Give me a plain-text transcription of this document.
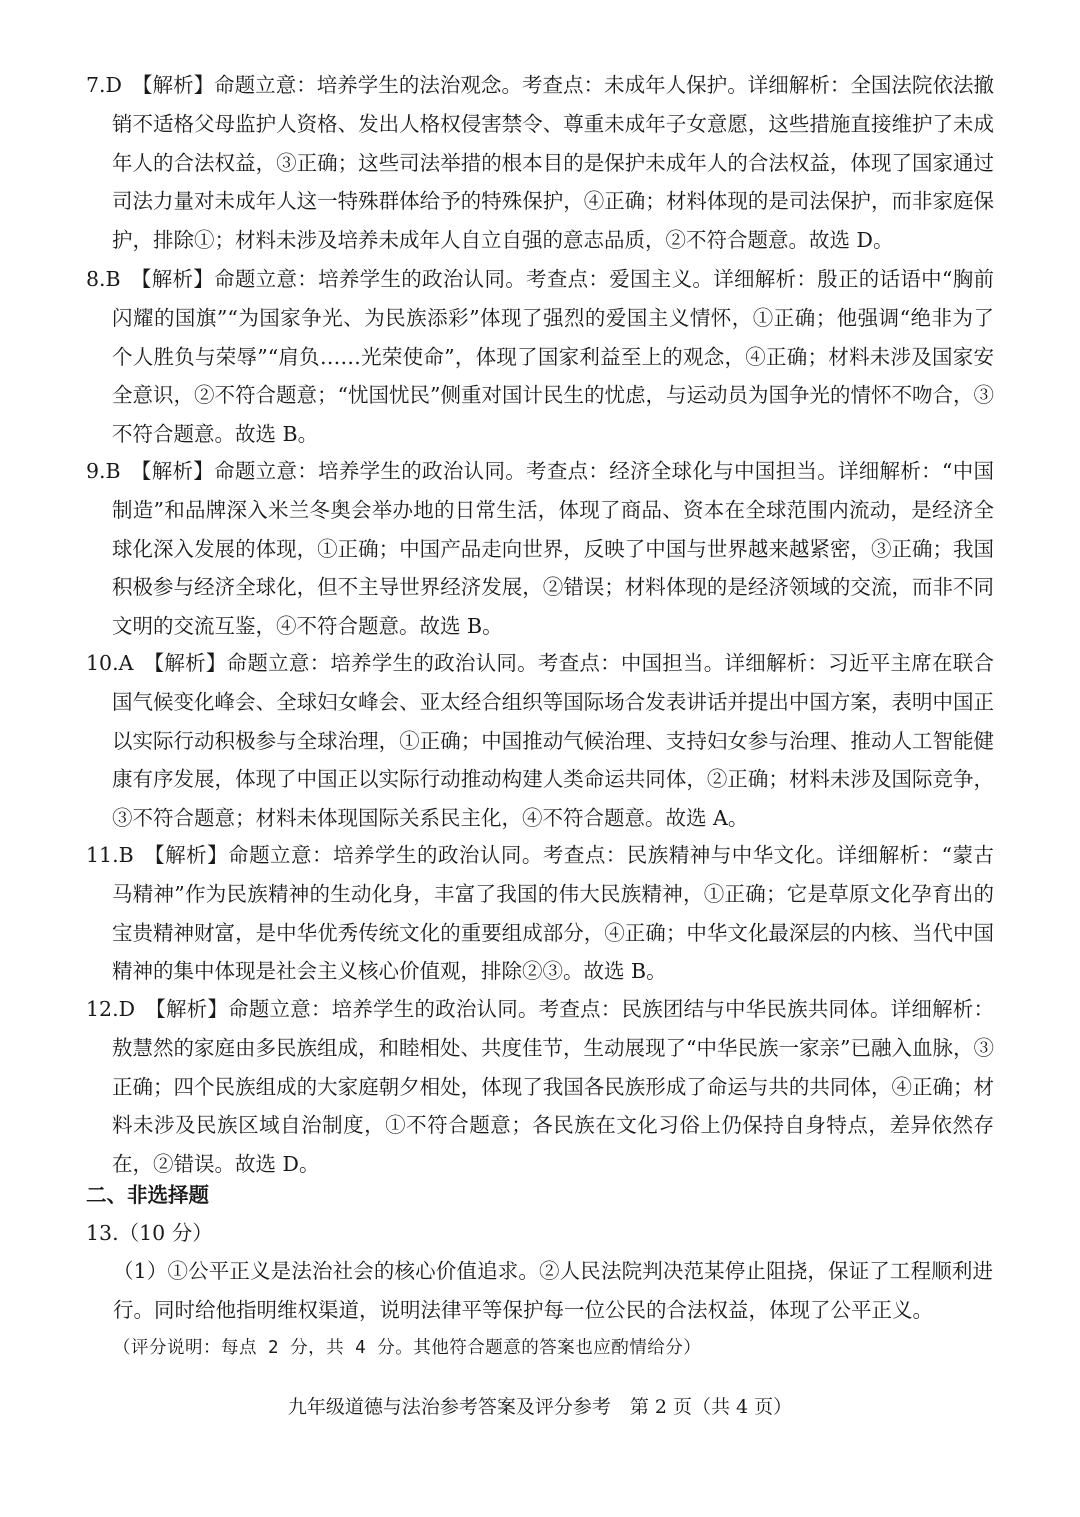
7.D 【解析】命题立意：培养学生的法治观念。考查点：未成年人保护。详细解析：全国法院依法撤销不适格父母监护人资格、发出人格权侵害禁令、尊重未成年子女意愿，这些措施直接维护了未成年人的合法权益，③正确；这些司法举措的根本目的是保护未成年人的合法权益，体现了国家通过司法力量对未成年人这一特殊群体给予的特殊保护，④正确；材料体现的是司法保护，而非家庭保护，排除①；材料未涉及培养未成年人自立自强的意志品质，②不符合题意。故选 D。
8.B 【解析】命题立意：培养学生的政治认同。考查点：爱国主义。详细解析：殷正的话语中“胸前闪耀的国旗”“为国家争光、为民族添彩”体现了强烈的爱国主义情怀，①正确；他强调“绝非为了个人胜负与荣辱”“肩负……光荣使命”，体现了国家利益至上的观念，④正确；材料未涉及国家安全意识，②不符合题意；“忧国忧民”侧重对国计民生的忧虑，与运动员为国争光的情怀不吻合，③不符合题意。故选 B。
9.B 【解析】命题立意：培养学生的政治认同。考查点：经济全球化与中国担当。详细解析：“中国制造”和品牌深入米兰冬奥会举办地的日常生活，体现了商品、资本在全球范围内流动，是经济全球化深入发展的体现，①正确；中国产品走向世界，反映了中国与世界越来越紧密，③正确；我国积极参与经济全球化，但不主导世界经济发展，②错误；材料体现的是经济领域的交流，而非不同文明的交流互鉴，④不符合题意。故选 B。
10.A 【解析】命题立意：培养学生的政治认同。考查点：中国担当。详细解析：习近平主席在联合国气候变化峰会、全球妇女峰会、亚太经合组织等国际场合发表讲话并提出中国方案，表明中国正以实际行动积极参与全球治理，①正确；中国推动气候治理、支持妇女参与治理、推动人工智能健康有序发展，体现了中国正以实际行动推动构建人类命运共同体，②正确；材料未涉及国际竞争，③不符合题意；材料未体现国际关系民主化，④不符合题意。故选 A。
11.B 【解析】命题立意：培养学生的政治认同。考查点：民族精神与中华文化。详细解析：“蒙古马精神”作为民族精神的生动化身，丰富了我国的伟大民族精神，①正确；它是草原文化孕育出的宝贵精神财富，是中华优秀传统文化的重要组成部分，④正确；中华文化最深层的内核、当代中国精神的集中体现是社会主义核心价值观，排除②③。故选 B。
12.D 【解析】命题立意：培养学生的政治认同。考查点：民族团结与中华民族共同体。详细解析：敖慧然的家庭由多民族组成，和睦相处、共度佳节，生动展现了“中华民族一家亲”已融入血脉，③正确；四个民族组成的大家庭朝夕相处，体现了我国各民族形成了命运与共的共同体，④正确；材料未涉及民族区域自治制度，①不符合题意；各民族在文化习俗上仍保持自身特点，差异依然存在，②错误。故选 D。
二、非选择题
13.（10 分）
（1）①公平正义是法治社会的核心价值追求。②人民法院判决范某停止阻挠，保证了工程顺利进行。同时给他指明维权渠道，说明法律平等保护每一位公民的合法权益，体现了公平正义。
（评分说明：每点 2 分，共 4 分。其他符合题意的答案也应酌情给分）
九年级道德与法治参考答案及评分参考　第 2 页（共 4 页）
